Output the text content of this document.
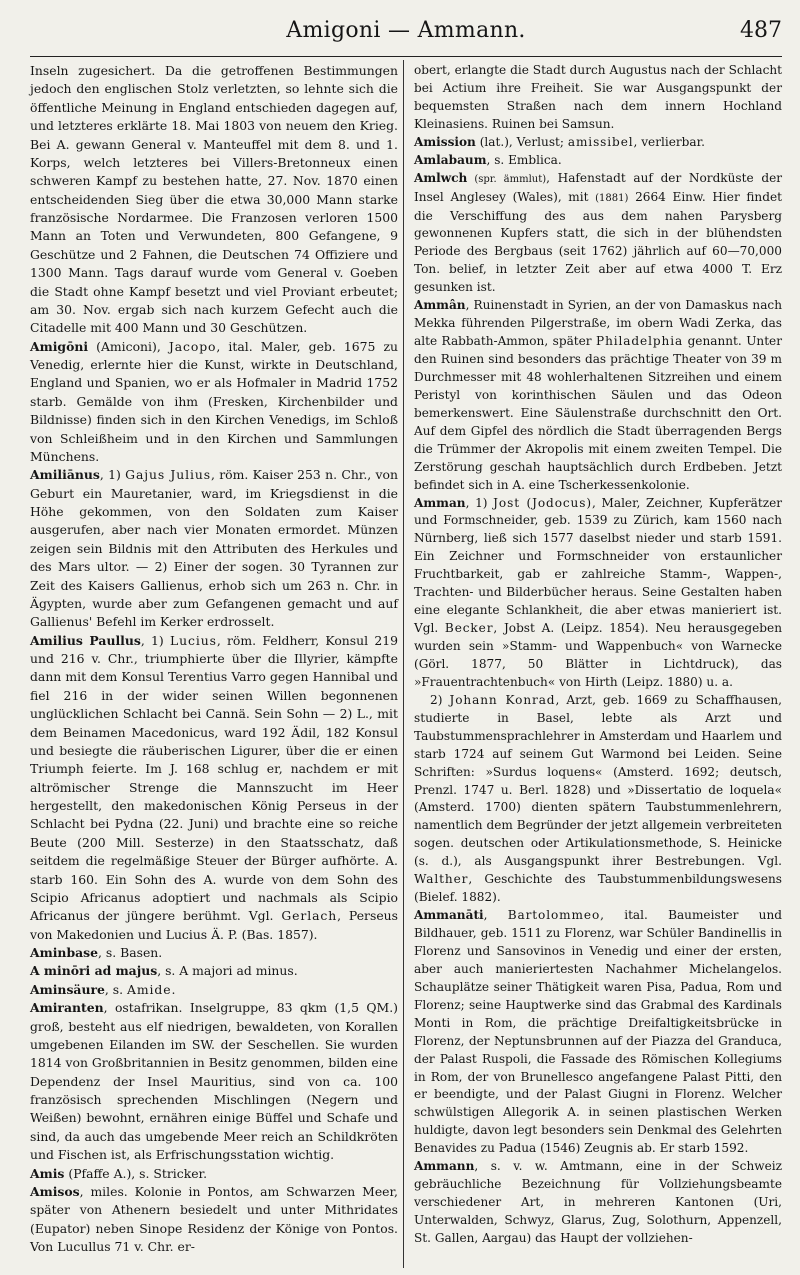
Amigoni — Ammann.	487

Inseln zugesichert. Da die getroffenen Bestimmungen jedoch den englischen Stolz verletzten, so lehnte sich die öffentliche Meinung in England entschieden dagegen auf, und letzteres erklärte 18. Mai 1803 von neuem den Krieg. Bei A. gewann General v. Manteuffel mit dem 8. und 1. Korps, welch letzteres bei Villers-Bretonneux einen schweren Kampf zu bestehen hatte, 27. Nov. 1870 einen entscheidenden Sieg über die etwa 30,000 Mann starke französische Nordarmee. Die Franzosen verloren 1500 Mann an Toten und Verwundeten, 800 Gefangene, 9 Geschütze und 2 Fahnen, die Deutschen 74 Offiziere und 1300 Mann. Tags darauf wurde vom General v. Goeben die Stadt ohne Kampf besetzt und viel Proviant erbeutet; am 30. Nov. ergab sich nach kurzem Gefecht auch die Citadelle mit 400 Mann und 30 Geschützen.

Amigōni (Amiconi), Jacopo, ital. Maler, geb. 1675 zu Venedig, erlernte hier die Kunst, wirkte in Deutschland, England und Spanien, wo er als Hofmaler in Madrid 1752 starb. Gemälde von ihm (Fresken, Kirchenbilder und Bildnisse) finden sich in den Kirchen Venedigs, im Schloß von Schleißheim und in den Kirchen und Sammlungen Münchens.

Amiliānus, 1) Gajus Julius, röm. Kaiser 253 n. Chr., von Geburt ein Mauretanier, ward, im Kriegsdienst in die Höhe gekommen, von den Soldaten zum Kaiser ausgerufen, aber nach vier Monaten ermordet. Münzen zeigen sein Bildnis mit den Attributen des Herkules und des Mars ultor. — 2) Einer der sogen. 30 Tyrannen zur Zeit des Kaisers Gallienus, erhob sich um 263 n. Chr. in Ägypten, wurde aber zum Gefangenen gemacht und auf Gallienus' Befehl im Kerker erdrosselt.

Amilius Paullus, 1) Lucius, röm. Feldherr, Konsul 219 und 216 v. Chr., triumphierte über die Illyrier, kämpfte dann mit dem Konsul Terentius Varro gegen Hannibal und fiel 216 in der wider seinen Willen begonnenen unglücklichen Schlacht bei Cannä. Sein Sohn — 2) L., mit dem Beinamen Macedonicus, ward 192 Ädil, 182 Konsul und besiegte die räuberischen Ligurer, über die er einen Triumph feierte. Im J. 168 schlug er, nachdem er mit altrömischer Strenge die Mannszucht im Heer hergestellt, den makedonischen König Perseus in der Schlacht bei Pydna (22. Juni) und brachte eine so reiche Beute (200 Mill. Sesterze) in den Staatsschatz, daß seitdem die regelmäßige Steuer der Bürger aufhörte. A. starb 160. Ein Sohn des A. wurde von dem Sohn des Scipio Africanus adoptiert und nachmals als Scipio Africanus der jüngere berühmt. Vgl. Gerlach, Perseus von Makedonien und Lucius Ä. P. (Bas. 1857).

Aminbase, s. Basen.

A minōri ad majus, s. A majori ad minus.

Aminsäure, s. Amide.

Amiranten, ostafrikan. Inselgruppe, 83 qkm (1,5 QM.) groß, besteht aus elf niedrigen, bewaldeten, von Korallen umgebenen Eilanden im SW. der Seschellen. Sie wurden 1814 von Großbritannien in Besitz genommen, bilden eine Dependenz der Insel Mauritius, sind von ca. 100 französisch sprechenden Mischlingen (Negern und Weißen) bewohnt, ernähren einige Büffel und Schafe und sind, da auch das umgebende Meer reich an Schildkröten und Fischen ist, als Erfrischungsstation wichtig.

Amis (Pfaffe A.), s. Stricker.

Amisos, miles. Kolonie in Pontos, am Schwarzen Meer, später von Athenern besiedelt und unter Mithridates (Eupator) neben Sinope Residenz der Könige von Pontos. Von Lucullus 71 v. Chr. er-

obert, erlangte die Stadt durch Augustus nach der Schlacht bei Actium ihre Freiheit. Sie war Ausgangspunkt der bequemsten Straßen nach dem innern Hochland Kleinasiens. Ruinen bei Samsun.

Amission (lat.), Verlust; amissibel, verlierbar.

Amlabaum, s. Emblica.

Amlwch (spr. ämmlut), Hafenstadt auf der Nordküste der Insel Anglesey (Wales), mit (1881) 2664 Einw. Hier findet die Verschiffung des aus dem nahen Parysberg gewonnenen Kupfers statt, die sich in der blühendsten Periode des Bergbaus (seit 1762) jährlich auf 60—70,000 Ton. belief, in letzter Zeit aber auf etwa 4000 T. Erz gesunken ist.

Ammân, Ruinenstadt in Syrien, an der von Damaskus nach Mekka führenden Pilgerstraße, im obern Wadi Zerka, das alte Rabbath-Ammon, später Philadelphia genannt. Unter den Ruinen sind besonders das prächtige Theater von 39 m Durchmesser mit 48 wohlerhaltenen Sitzreihen und einem Peristyl von korinthischen Säulen und das Odeon bemerkenswert. Eine Säulenstraße durchschnitt den Ort. Auf dem Gipfel des nördlich die Stadt überragenden Bergs die Trümmer der Akropolis mit einem zweiten Tempel. Die Zerstörung geschah hauptsächlich durch Erdbeben. Jetzt befindet sich in A. eine Tscherkessenkolonie.

Amman, 1) Jost (Jodocus), Maler, Zeichner, Kupferätzer und Formschneider, geb. 1539 zu Zürich, kam 1560 nach Nürnberg, ließ sich 1577 daselbst nieder und starb 1591. Ein Zeichner und Formschneider von erstaunlicher Fruchtbarkeit, gab er zahlreiche Stamm-, Wappen-, Trachten- und Bilderbücher heraus. Seine Gestalten haben eine elegante Schlankheit, die aber etwas manieriert ist. Vgl. Becker, Jobst A. (Leipz. 1854). Neu herausgegeben wurden sein »Stamm- und Wappenbuch« von Warnecke (Görl. 1877, 50 Blätter in Lichtdruck), das »Frauentrachtenbuch« von Hirth (Leipz. 1880) u. a.

2) Johann Konrad, Arzt, geb. 1669 zu Schaffhausen, studierte in Basel, lebte als Arzt und Taubstummensprachlehrer in Amsterdam und Haarlem und starb 1724 auf seinem Gut Warmond bei Leiden. Seine Schriften: »Surdus loquens« (Amsterd. 1692; deutsch, Prenzl. 1747 u. Berl. 1828) und »Dissertatio de loquela« (Amsterd. 1700) dienten spätern Taubstummenlehrern, namentlich dem Begründer der jetzt allgemein verbreiteten sogen. deutschen oder Artikulationsmethode, S. Heinicke (s. d.), als Ausgangspunkt ihrer Bestrebungen. Vgl. Walther, Geschichte des Taubstummenbildungswesens (Bielef. 1882).

Ammanāti, Bartolommeo, ital. Baumeister und Bildhauer, geb. 1511 zu Florenz, war Schüler Bandinellis in Florenz und Sansovinos in Venedig und einer der ersten, aber auch manieriertesten Nachahmer Michelangelos. Schauplätze seiner Thätigkeit waren Pisa, Padua, Rom und Florenz; seine Hauptwerke sind das Grabmal des Kardinals Monti in Rom, die prächtige Dreifaltigkeitsbrücke in Florenz, der Neptunsbrunnen auf der Piazza del Granduca, der Palast Ruspoli, die Fassade des Römischen Kollegiums in Rom, der von Brunellesco angefangene Palast Pitti, den er beendigte, und der Palast Giugni in Florenz. Welcher schwülstigen Allegorik A. in seinen plastischen Werken huldigte, davon legt besonders sein Denkmal des Gelehrten Benavides zu Padua (1546) Zeugnis ab. Er starb 1592.

Ammann, s. v. w. Amtmann, eine in der Schweiz gebräuchliche Bezeichnung für Vollziehungsbeamte verschiedener Art, in mehreren Kantonen (Uri, Unterwalden, Schwyz, Glarus, Zug, Solothurn, Appenzell, St. Gallen, Aargau) das Haupt der vollziehen-
